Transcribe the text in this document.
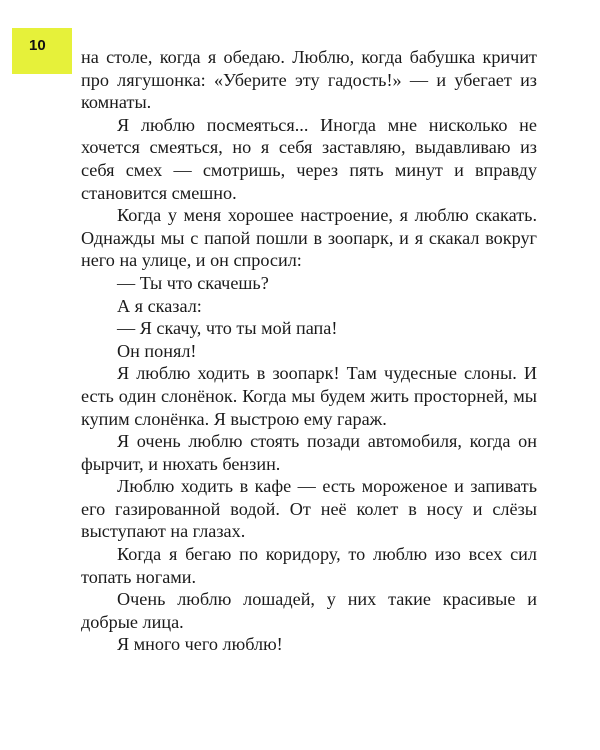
10

на столе, когда я обедаю. Люблю, когда бабушка кричит про лягушонка: «Уберите эту гадость!» — и убегает из комнаты.

Я люблю посмеяться... Иногда мне нисколько не хочется смеяться, но я себя заставляю, выдавливаю из себя смех — смотришь, через пять минут и вправду становится смешно.

Когда у меня хорошее настроение, я люблю скакать. Однажды мы с папой пошли в зоопарк, и я скакал вокруг него на улице, и он спросил:

— Ты что скачешь?

А я сказал:

— Я скачу, что ты мой папа!

Он понял!

Я люблю ходить в зоопарк! Там чудесные слоны. И есть один слонёнок. Когда мы будем жить просторней, мы купим слонёнка. Я выстрою ему гараж.

Я очень люблю стоять позади автомобиля, когда он фырчит, и нюхать бензин.

Люблю ходить в кафе — есть мороженое и запивать его газированной водой. От неё колет в носу и слёзы выступают на глазах.

Когда я бегаю по коридору, то люблю изо всех сил топать ногами.

Очень люблю лошадей, у них такие красивые и добрые лица.

Я много чего люблю!
